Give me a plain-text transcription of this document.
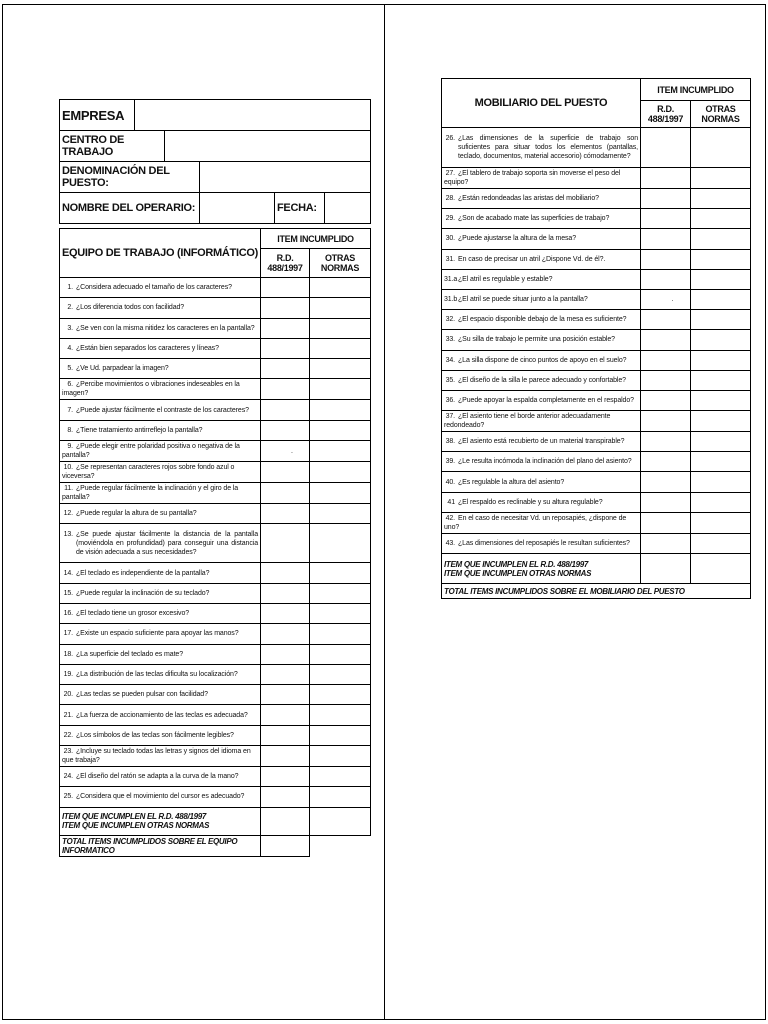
EMPRESA					
CENTRO DE TRABAJO					
DENOMINACIÓN DEL PUESTO:					
NOMBRE DEL OPERARIO:				FECHA:	
EQUIPO DE TRABAJO (INFORMÁTICO)	ITEM INCUMPLIDO	
	R.D. 488/1997	OTRAS NORMAS
1. ¿Considera adecuado el tamaño de los caracteres?		
2. ¿Los diferencia todos con facilidad?		
3. ¿Se ven con la misma nitidez los caracteres en la pantalla?		
4. ¿Están bien separados los caracteres y líneas?		
5. ¿Ve Ud. parpadear la imagen?		
6. ¿Percibe movimientos o vibraciones indeseables en la imagen?		
7. ¿Puede ajustar fácilmente el contraste de los caracteres?		
8. ¿Tiene tratamiento antirreflejo la pantalla?		
9. ¿Puede elegir entre polaridad positiva o negativa de la pantalla?	.	
10. ¿Se representan caracteres rojos sobre fondo azul o viceversa?		
11. ¿Puede regular fácilmente la inclinación y el giro de la pantalla?		
12. ¿Puede regular la altura de su pantalla?		

13. ¿Se puede ajustar fácilmente la distancia de la pantalla (moviéndola en profundidad) para conseguir una distancia de visión adecuada a sus necesidades?		

14. ¿El teclado es independiente de la pantalla?		
15. ¿Puede regular la inclinación de su teclado?		
16. ¿El teclado tiene un grosor excesivo?		
17. ¿Existe un espacio suficiente para apoyar las manos?		
18. ¿La superficie del teclado es mate?		
19. ¿La distribución de las teclas dificulta su localización?		
20. ¿Las teclas se pueden pulsar con facilidad?		
21. ¿La fuerza de accionamiento de las teclas es adecuada?		
22. ¿Los símbolos de las teclas son fácilmente legibles?		
23. ¿Incluye su teclado todas las letras y signos del idioma en que trabaja?		
24. ¿El diseño del ratón se adapta a la curva de la mano?		
25. ¿Considera que el movimiento del cursor es adecuado?		

ITEM QUE INCUMPLEN EL R.D. 488/1997
ITEM QUE INCUMPLEN OTRAS NORMAS		

TOTAL ITEMS INCUMPLIDOS SOBRE EL EQUIPO INFORMATICO		
MOBILIARIO DEL PUESTO	ITEM INCUMPLIDO	
	R.D. 488/1997	OTRAS NORMAS

26. ¿Las dimensiones de la superficie de trabajo son suficientes para situar todos los elementos (pantallas, teclado, documentos, material accesorio) cómodamente?		

27. ¿El tablero de trabajo soporta sin moverse el peso del equipo?		
28. ¿Están redondeadas las aristas del mobiliario?		
29. ¿Son de acabado mate las superficies de trabajo?		
30. ¿Puede ajustarse la altura de la mesa?		
31. En caso de precisar un atril ¿Dispone Vd. de él?.		
31.a¿El atril es regulable y estable?		
31.b¿El atril se puede situar junto a la pantalla?	.	
32. ¿El espacio disponible debajo de la mesa es suficiente?		
33. ¿Su silla de trabajo le permite una posición estable?		
34. ¿La silla dispone de cinco puntos de apoyo en el suelo?		
35. ¿El diseño de la silla le parece adecuado y confortable?		
36. ¿Puede apoyar la espalda completamente en el respaldo?		
37. ¿El asiento tiene el borde anterior adecuadamente redondeado?		
38. ¿El asiento está recubierto de un material transpirable?		
39. ¿Le resulta incómoda la inclinación del plano del asiento?		
40. ¿Es regulable la altura del asiento?		
41 ¿El respaldo es reclinable y su altura regulable?		
42. En el caso de necesitar Vd. un reposapiés, ¿dispone de uno?		
43. ¿Las dimensiones del reposapiés le resultan suficientes?		

ITEM QUE INCUMPLEN EL R.D. 488/1997
ITEM QUE INCUMPLEN OTRAS NORMAS		

TOTAL ITEMS INCUMPLIDOS SOBRE EL MOBILIARIO DEL PUESTO		
